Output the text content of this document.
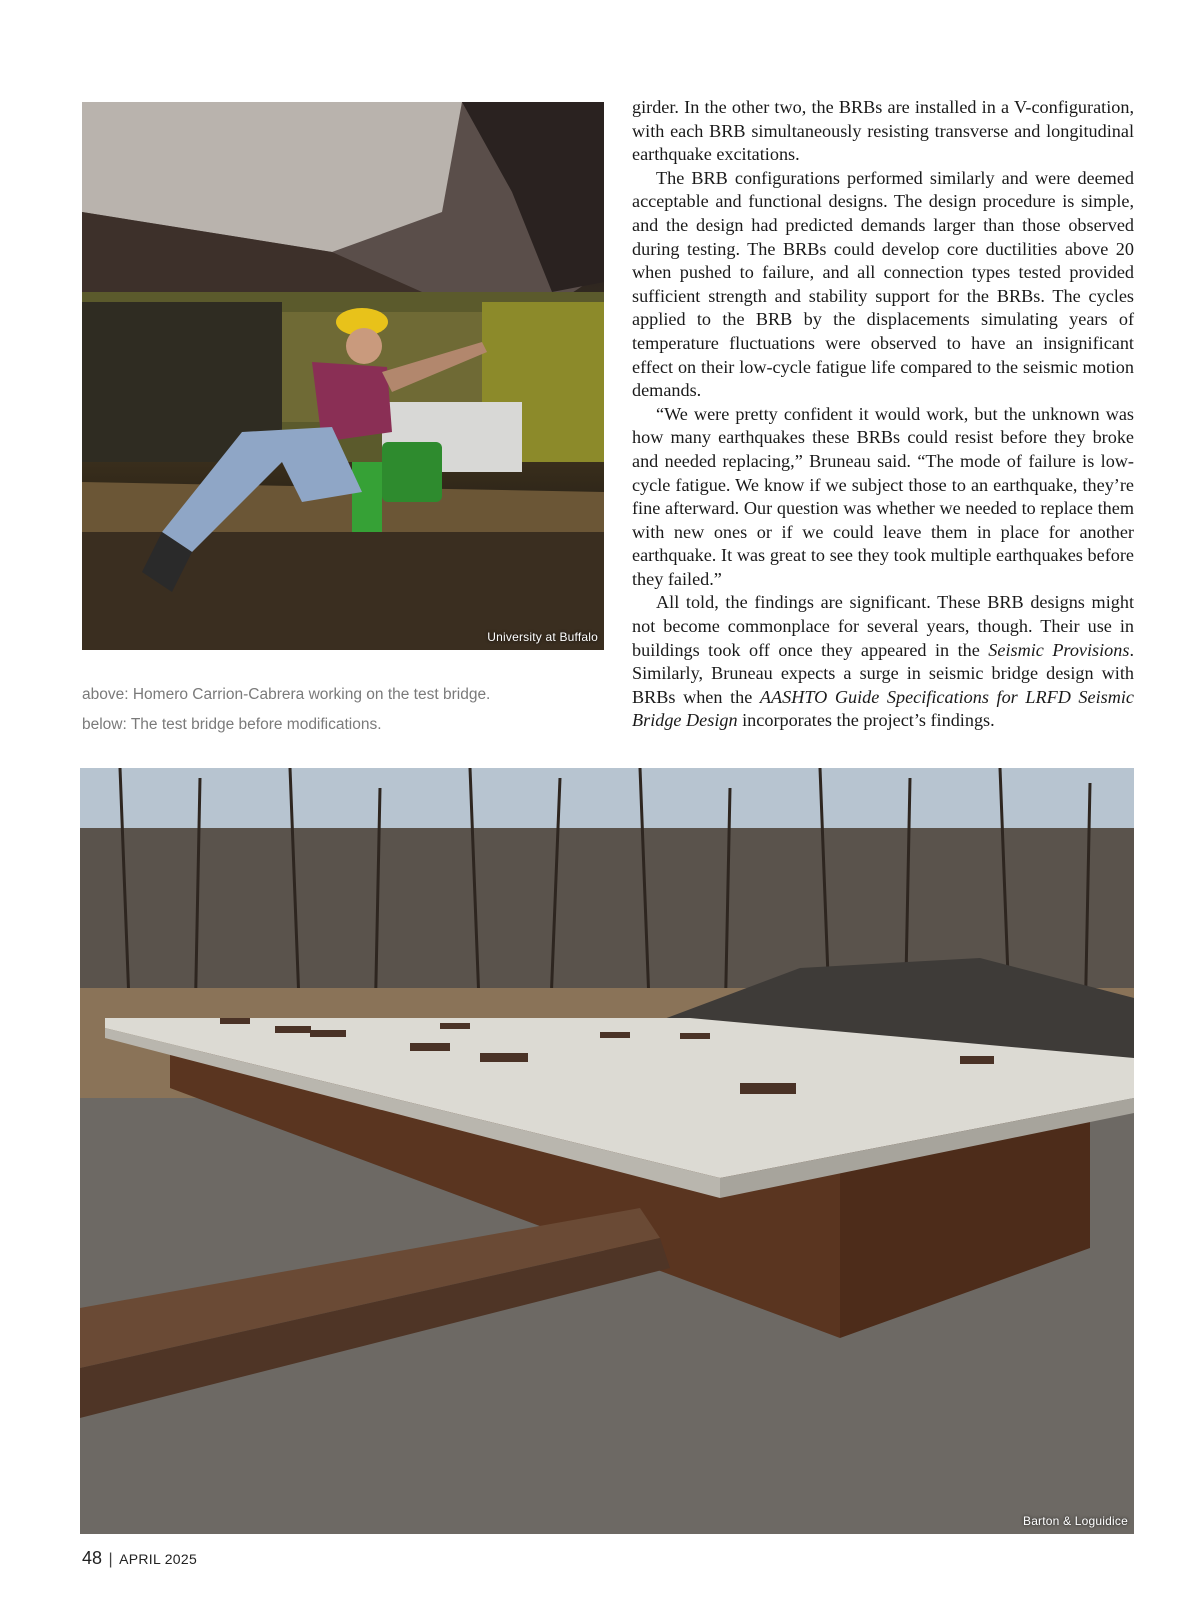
University at Buffalo
above: Homero Carrion-Cabrera working on the test bridge.
below: The test bridge before modifications.

girder. In the other two, the BRBs are installed in a V-configuration, with each BRB simultaneously resisting transverse and longitudinal earthquake excitations.

The BRB configurations performed similarly and were deemed acceptable and functional designs. The design procedure is simple, and the design had predicted demands larger than those observed during testing. The BRBs could develop core ductilities above 20 when pushed to failure, and all connection types tested provided sufficient strength and stability support for the BRBs. The cycles applied to the BRB by the displacements simulating years of temperature fluctuations were observed to have an insignificant effect on their low-cycle fatigue life compared to the seismic motion demands.

“We were pretty confident it would work, but the unknown was how many earthquakes these BRBs could resist before they broke and needed replacing,” Bruneau said. “The mode of failure is low-cycle fatigue. We know if we subject those to an earthquake, they’re fine afterward. Our question was whether we needed to replace them with new ones or if we could leave them in place for another earthquake. It was great to see they took multiple earthquakes before they failed.”

All told, the findings are significant. These BRB designs might not become commonplace for several years, though. Their use in buildings took off once they appeared in the Seismic Provisions. Similarly, Bruneau expects a surge in seismic bridge design with BRBs when the AASHTO Guide Specifications for LRFD Seismic Bridge Design incorporates the project’s findings.

Barton & Loguidice
48 | APRIL 2025
